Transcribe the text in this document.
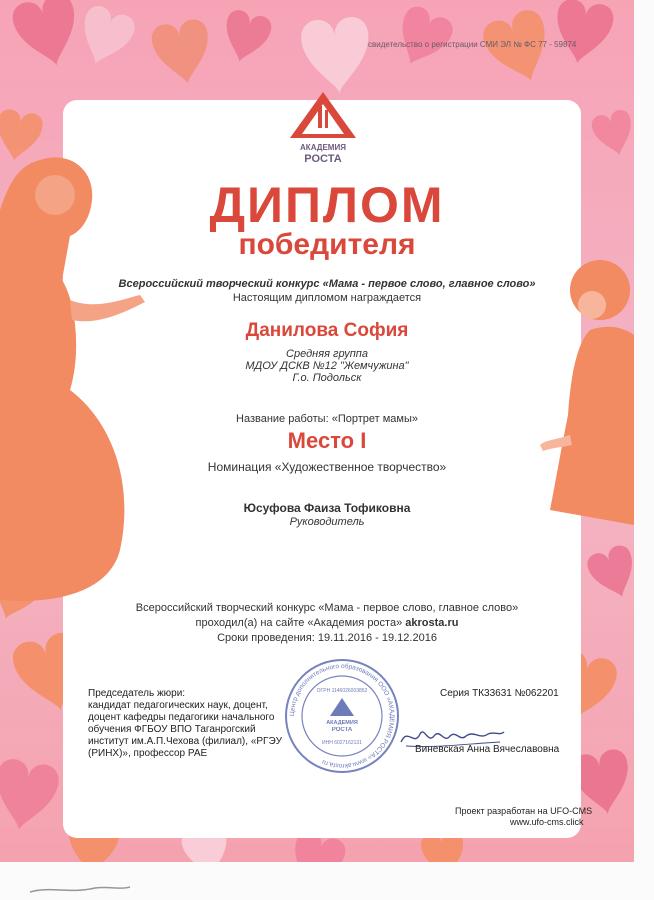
свидетельство о регистрации СМИ ЭЛ № ФС 77 - 59874
АКАДЕМИЯ
РОСТА
ДИПЛОМ
победителя
Всероссийский творческий конкурс «Мама - первое слово, главное слово»
Настоящим дипломом награждается
Данилова София
Средняя группа
МДОУ ДСКВ №12 "Жемчужина"
Г.о. Подольск
Название работы: «Портрет мамы»
Место I
Номинация «Художественное творчество»
Юсуфова Фаиза Тофиковна
Руководитель
Всероссийский творческий конкурс «Мама - первое слово, главное слово»
проходил(а) на сайте «Академия роста» akrosta.ru
Сроки проведения: 19.11.2016 - 19.12.2016
Председатель жюри:
кандидат педагогических наук, доцент,
доцент кафедры педагогики начального
обучения ФГБОУ ВПО Таганрогский
институт им.А.П.Чехова (филиал), «РГЭУ
(РИНХ)», профессор РАЕ
Серия ТК33631 №062201
Центр дополнительного образования ООО «АКАДЕМИЯ РОСТА» www.akrosta.ru
ОГРН 1146026003852
АКАДЕМИЯ
РОСТА
ИНН 6027162131
Виневская Анна Вячеславовна
Проект разработан на UFO-CMS
www.ufo-cms.click
